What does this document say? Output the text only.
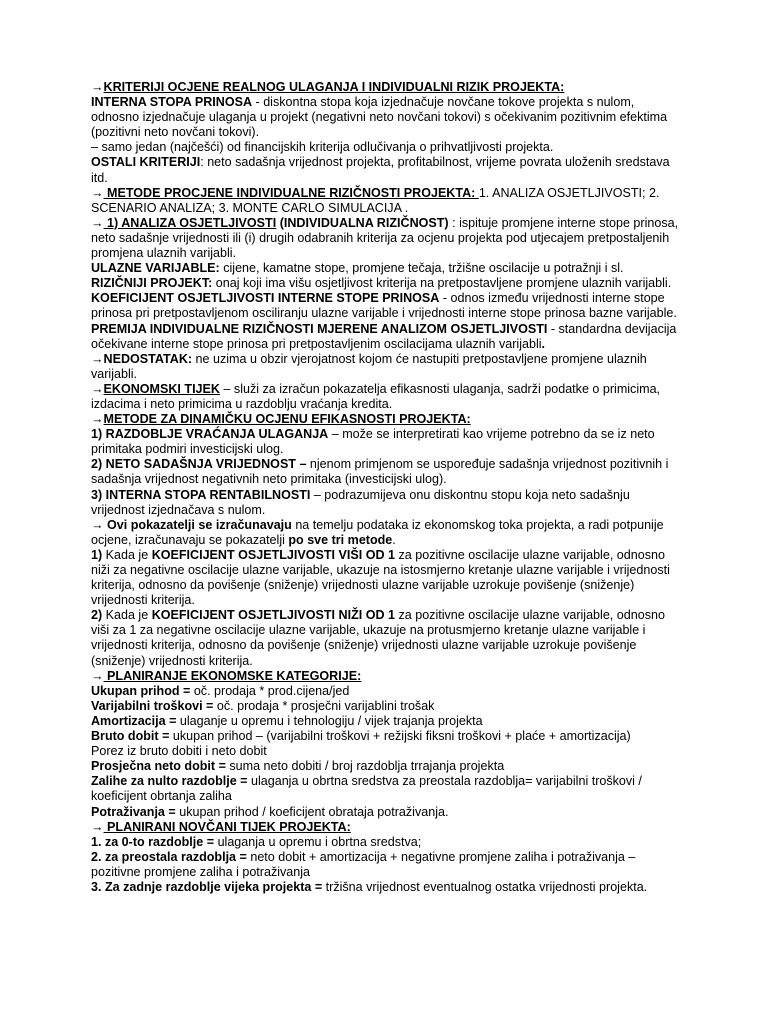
→KRITERIJI OCJENE REALNOG ULAGANJA I INDIVIDUALNI RIZIK PROJEKTA:

INTERNA STOPA PRINOSA - diskontna stopa koja izjednačuje novčane tokove projekta s nulom, odnosno izjednačuje ulaganja u projekt (negativni neto novčani tokovi) s očekivanim pozitivnim efektima (pozitivni neto novčani tokovi).

– samo jedan (najčešći) od financijskih kriterija odlučivanja o prihvatljivosti projekta.

OSTALI KRITERIJI: neto sadašnja vrijednost projekta, profitabilnost, vrijeme povrata uloženih sredstava itd.

→ METODE PROCJENE INDIVIDUALNE RIZIČNOSTI PROJEKTA: 1. ANALIZA OSJETLJIVOSTI; 2. SCENARIO ANALIZA; 3. MONTE CARLO SIMULACIJA .

→ 1) ANALIZA OSJETLJIVOSTI (INDIVIDUALNA RIZIČNOST) : ispituje promjene interne stope prinosa, neto sadašnje vrijednosti ili (i) drugih odabranih kriterija za ocjenu projekta pod utjecajem pretpostaljenih promjena ulaznih varijabli.

ULAZNE VARIJABLE: cijene, kamatne stope, promjene tečaja, tržišne oscilacije u potražnji i sl.

RIZIČNIJI PROJEKT: onaj koji ima višu osjetljivost kriterija na pretpostavljene promjene ulaznih varijabli.

KOEFICIJENT OSJETLJIVOSTI INTERNE STOPE PRINOSA - odnos između vrijednosti interne stope prinosa pri pretpostavljenom osciliranju ulazne varijable i vrijednosti interne stope prinosa bazne varijable.

PREMIJA INDIVIDUALNE RIZIČNOSTI MJERENE ANALIZOM OSJETLJIVOSTI - standardna devijacija očekivane interne stope prinosa pri pretpostavljenim oscilacijama ulaznih varijabli.

→NEDOSTATAK: ne uzima u obzir vjerojatnost kojom će nastupiti pretpostavljene promjene ulaznih varijabli.

→EKONOMSKI TIJEK – služi za izračun pokazatelja efikasnosti ulaganja, sadrži podatke o primicima, izdacima i neto primicima u razdoblju vraćanja kredita.

→METODE ZA DINAMIČKU OCJENU EFIKASNOSTI PROJEKTA:

1) RAZDOBLJE VRAĆANJA ULAGANJA – može se interpretirati kao vrijeme potrebno da se iz neto primitaka podmiri investicijski ulog.

2) NETO SADAŠNJA VRIJEDNOST – njenom primjenom se uspoređuje sadašnja vrijednost pozitivnih i sadašnja vrijednost negativnih neto primitaka (investicijski ulog).

3) INTERNA STOPA RENTABILNOSTI – podrazumijeva onu diskontnu stopu koja neto sadašnju vrijednost izjednačava s nulom.

→ Ovi pokazatelji se izračunavaju na temelju podataka iz ekonomskog toka projekta, a radi potpunije ocjene, izračunavaju se pokazatelji po sve tri metode.

1) Kada je KOEFICIJENT OSJETLJIVOSTI VIŠI OD 1 za pozitivne oscilacije ulazne varijable, odnosno niži za negativne oscilacije ulazne varijable, ukazuje na istosmjerno kretanje ulazne varijable i vrijednosti kriterija, odnosno da povišenje (sniženje) vrijednosti ulazne varijable uzrokuje povišenje (sniženje) vrijednosti kriterija.

2) Kada je KOEFICIJENT OSJETLJIVOSTI NIŽI OD 1 za pozitivne oscilacije ulazne varijable, odnosno viši za 1 za negativne oscilacije ulazne varijable, ukazuje na protusmjerno kretanje ulazne varijable i vrijednosti kriterija, odnosno da povišenje (sniženje) vrijednosti ulazne varijable uzrokuje povišenje (sniženje) vrijednosti kriterija.

→ PLANIRANJE EKONOMSKE KATEGORIJE:

Ukupan prihod = oč. prodaja * prod.cijena/jed

Varijabilni troškovi = oč. prodaja * prosječni varijablini trošak

Amortizacija = ulaganje u opremu i tehnologiju / vijek trajanja projekta

Bruto dobit = ukupan prihod – (varijabilni troškovi + režijski fiksni troškovi + plaće + amortizacija)

Porez iz bruto dobiti i neto dobit

Prosječna neto dobit = suma neto dobiti / broj razdoblja trrajanja projekta

Zalihe za nulto razdoblje = ulaganja u obrtna sredstva za preostala razdoblja= varijabilni troškovi / koeficijent obrtanja zaliha

Potraživanja = ukupan prihod / koeficijent obrataja potraživanja.

→ PLANIRANI NOVČANI TIJEK PROJEKTA:

1. za 0-to razdoblje = ulaganja u opremu i obrtna sredstva;

2. za preostala razdoblja = neto dobit + amortizacija + negativne promjene zaliha i potraživanja – pozitivne promjene zaliha i potraživanja

3. Za zadnje razdoblje vijeka projekta = tržišna vrijednost eventualnog ostatka vrijednosti projekta.
